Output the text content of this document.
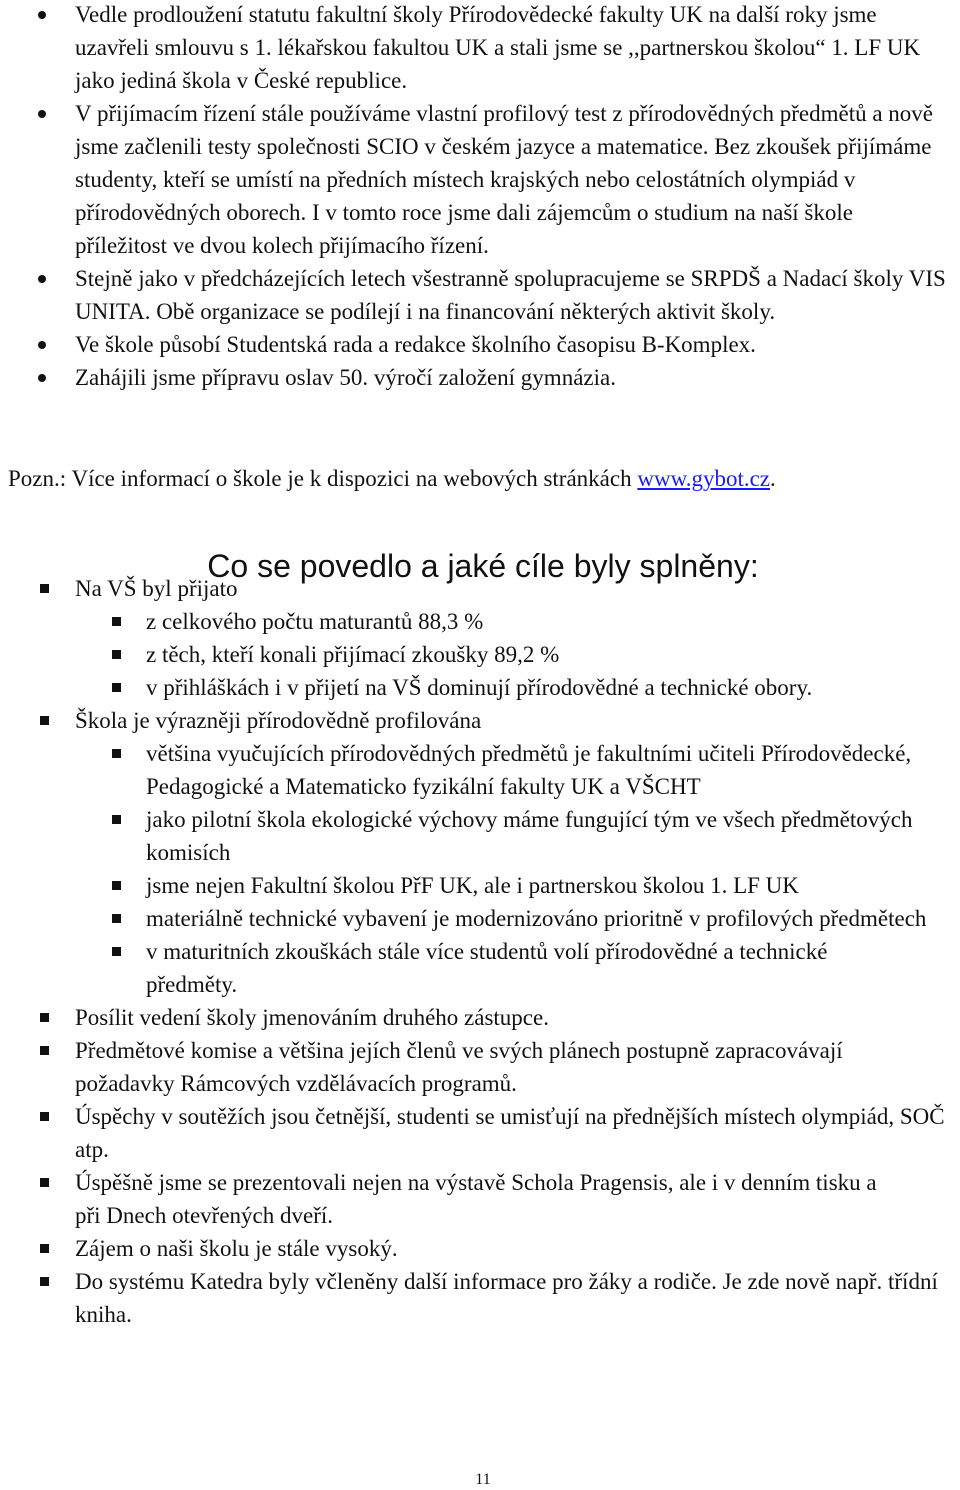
Vedle prodloužení statutu fakultní školy Přírodovědecké fakulty UK na další roky jsme uzavřeli smlouvu s 1. lékařskou fakultou UK a stali jsme se ,,partnerskou školou“ 1. LF UK jako jediná škola v České republice.
V přijímacím řízení stále používáme vlastní profilový test z přírodovědných předmětů a nově jsme začlenili testy společnosti SCIO v českém jazyce a matematice. Bez zkoušek přijímáme studenty, kteří se umístí na předních místech krajských nebo celostátních olympiád v přírodovědných oborech. I v tomto roce jsme dali zájemcům o studium na naší škole příležitost ve dvou kolech přijímacího řízení.
Stejně jako v předcházejících letech všestranně spolupracujeme se SRPDŠ a Nadací školy VIS UNITA. Obě organizace se podílejí i na financování některých aktivit školy.
Ve škole působí Studentská rada a redakce školního časopisu B-Komplex.
Zahájili jsme přípravu oslav 50. výročí založení gymnázia.
Pozn.: Více informací o škole je k dispozici na webových stránkách www.gybot.cz.
Co se povedlo a jaké cíle byly splněny:
Na VŠ byl přijato
z celkového počtu maturantů 88,3 %
z těch, kteří konali přijímací zkoušky 89,2 %
v přihláškách i v přijetí na VŠ dominují přírodovědné a technické obory.
Škola je výrazněji přírodovědně profilována
většina vyučujících přírodovědných předmětů je fakultními učiteli Přírodovědecké, Pedagogické a Matematicko fyzikální fakulty UK a VŠCHT
jako pilotní škola ekologické výchovy máme fungující tým ve všech předmětových komisích
jsme nejen Fakultní školou PřF UK, ale i partnerskou školou 1. LF UK
materiálně technické vybavení je modernizováno prioritně v profilových předmětech
v maturitních zkouškách stále více studentů volí přírodovědné a technické předměty.
Posílit vedení školy jmenováním druhého zástupce.
Předmětové komise a většina jejích členů ve svých plánech postupně zapracovávají požadavky Rámcových vzdělávacích programů.
Úspěchy v soutěžích jsou četnější, studenti se umisťují na přednějších místech olympiád, SOČ atp.
Úspěšně jsme se prezentovali nejen na výstavě Schola Pragensis, ale i v denním tisku a při Dnech otevřených dveří.
Zájem o naši školu je stále vysoký.
Do systému Katedra byly včleněny další informace pro žáky a rodiče. Je zde nově např. třídní kniha.
11
